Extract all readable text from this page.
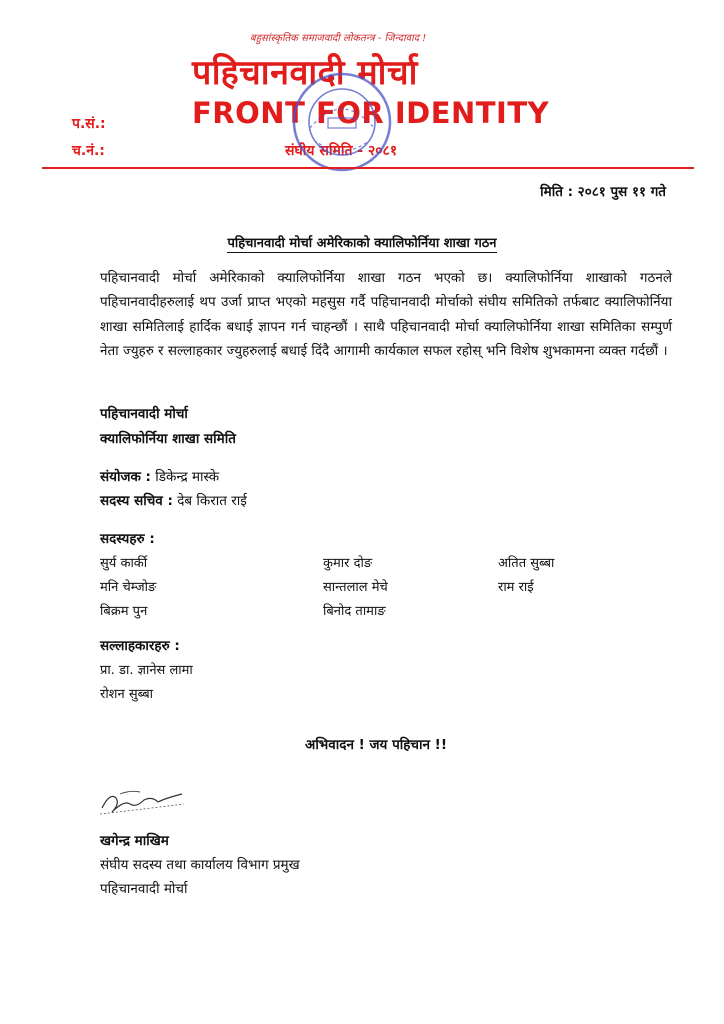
बहुसांस्कृतिक समाजवादी लोकतन्त्र - जिन्दावाद !
पहिचानवादी मोर्चा
FRONT FOR IDENTITY
संघीय समिति - २०८१
प.सं.:
च.नं.:
मिति : २०८१ पुस ११ गते
पहिचानवादी मोर्चा अमेरिकाको क्यालिफोर्निया शाखा गठन
पहिचानवादी मोर्चा अमेरिकाको क्यालिफोर्निया शाखा गठन भएको छ। क्यालिफोर्निया शाखाको गठनले पहिचानवादीहरुलाई थप उर्जा प्राप्त भएको महसुस गर्दै पहिचानवादी मोर्चाको संघीय समितिको तर्फबाट क्यालिफोर्निया शाखा समितिलाई हार्दिक बधाई ज्ञापन गर्न चाहन्छौं । साथै पहिचानवादी मोर्चा क्यालिफोर्निया शाखा समितिका सम्पुर्ण नेता ज्युहरु र सल्लाहकार ज्युहरुलाई बधाई दिंदै आगामी कार्यकाल सफल रहोस् भनि विशेष शुभकामना व्यक्त गर्दछौं ।
पहिचानवादी मोर्चा
क्यालिफोर्निया शाखा समिति
संयोजक : डिकेन्द्र मास्के
सदस्य सचिव : देब किरात राई
सदस्यहरु :
सुर्य कार्की
मनि चेम्जोङ
बिक्रम पुन
कुमार दोङ
सान्तलाल मेचे
बिनोद तामाङ
अतित सुब्बा
राम राई
सल्लाहकारहरु :
प्रा. डा. ज्ञानेस लामा
रोशन सुब्बा
अभिवादन ! जय पहिचान !!
खगेन्द्र माखिम
संघीय सदस्य तथा कार्यालय विभाग प्रमुख
पहिचानवादी मोर्चा
